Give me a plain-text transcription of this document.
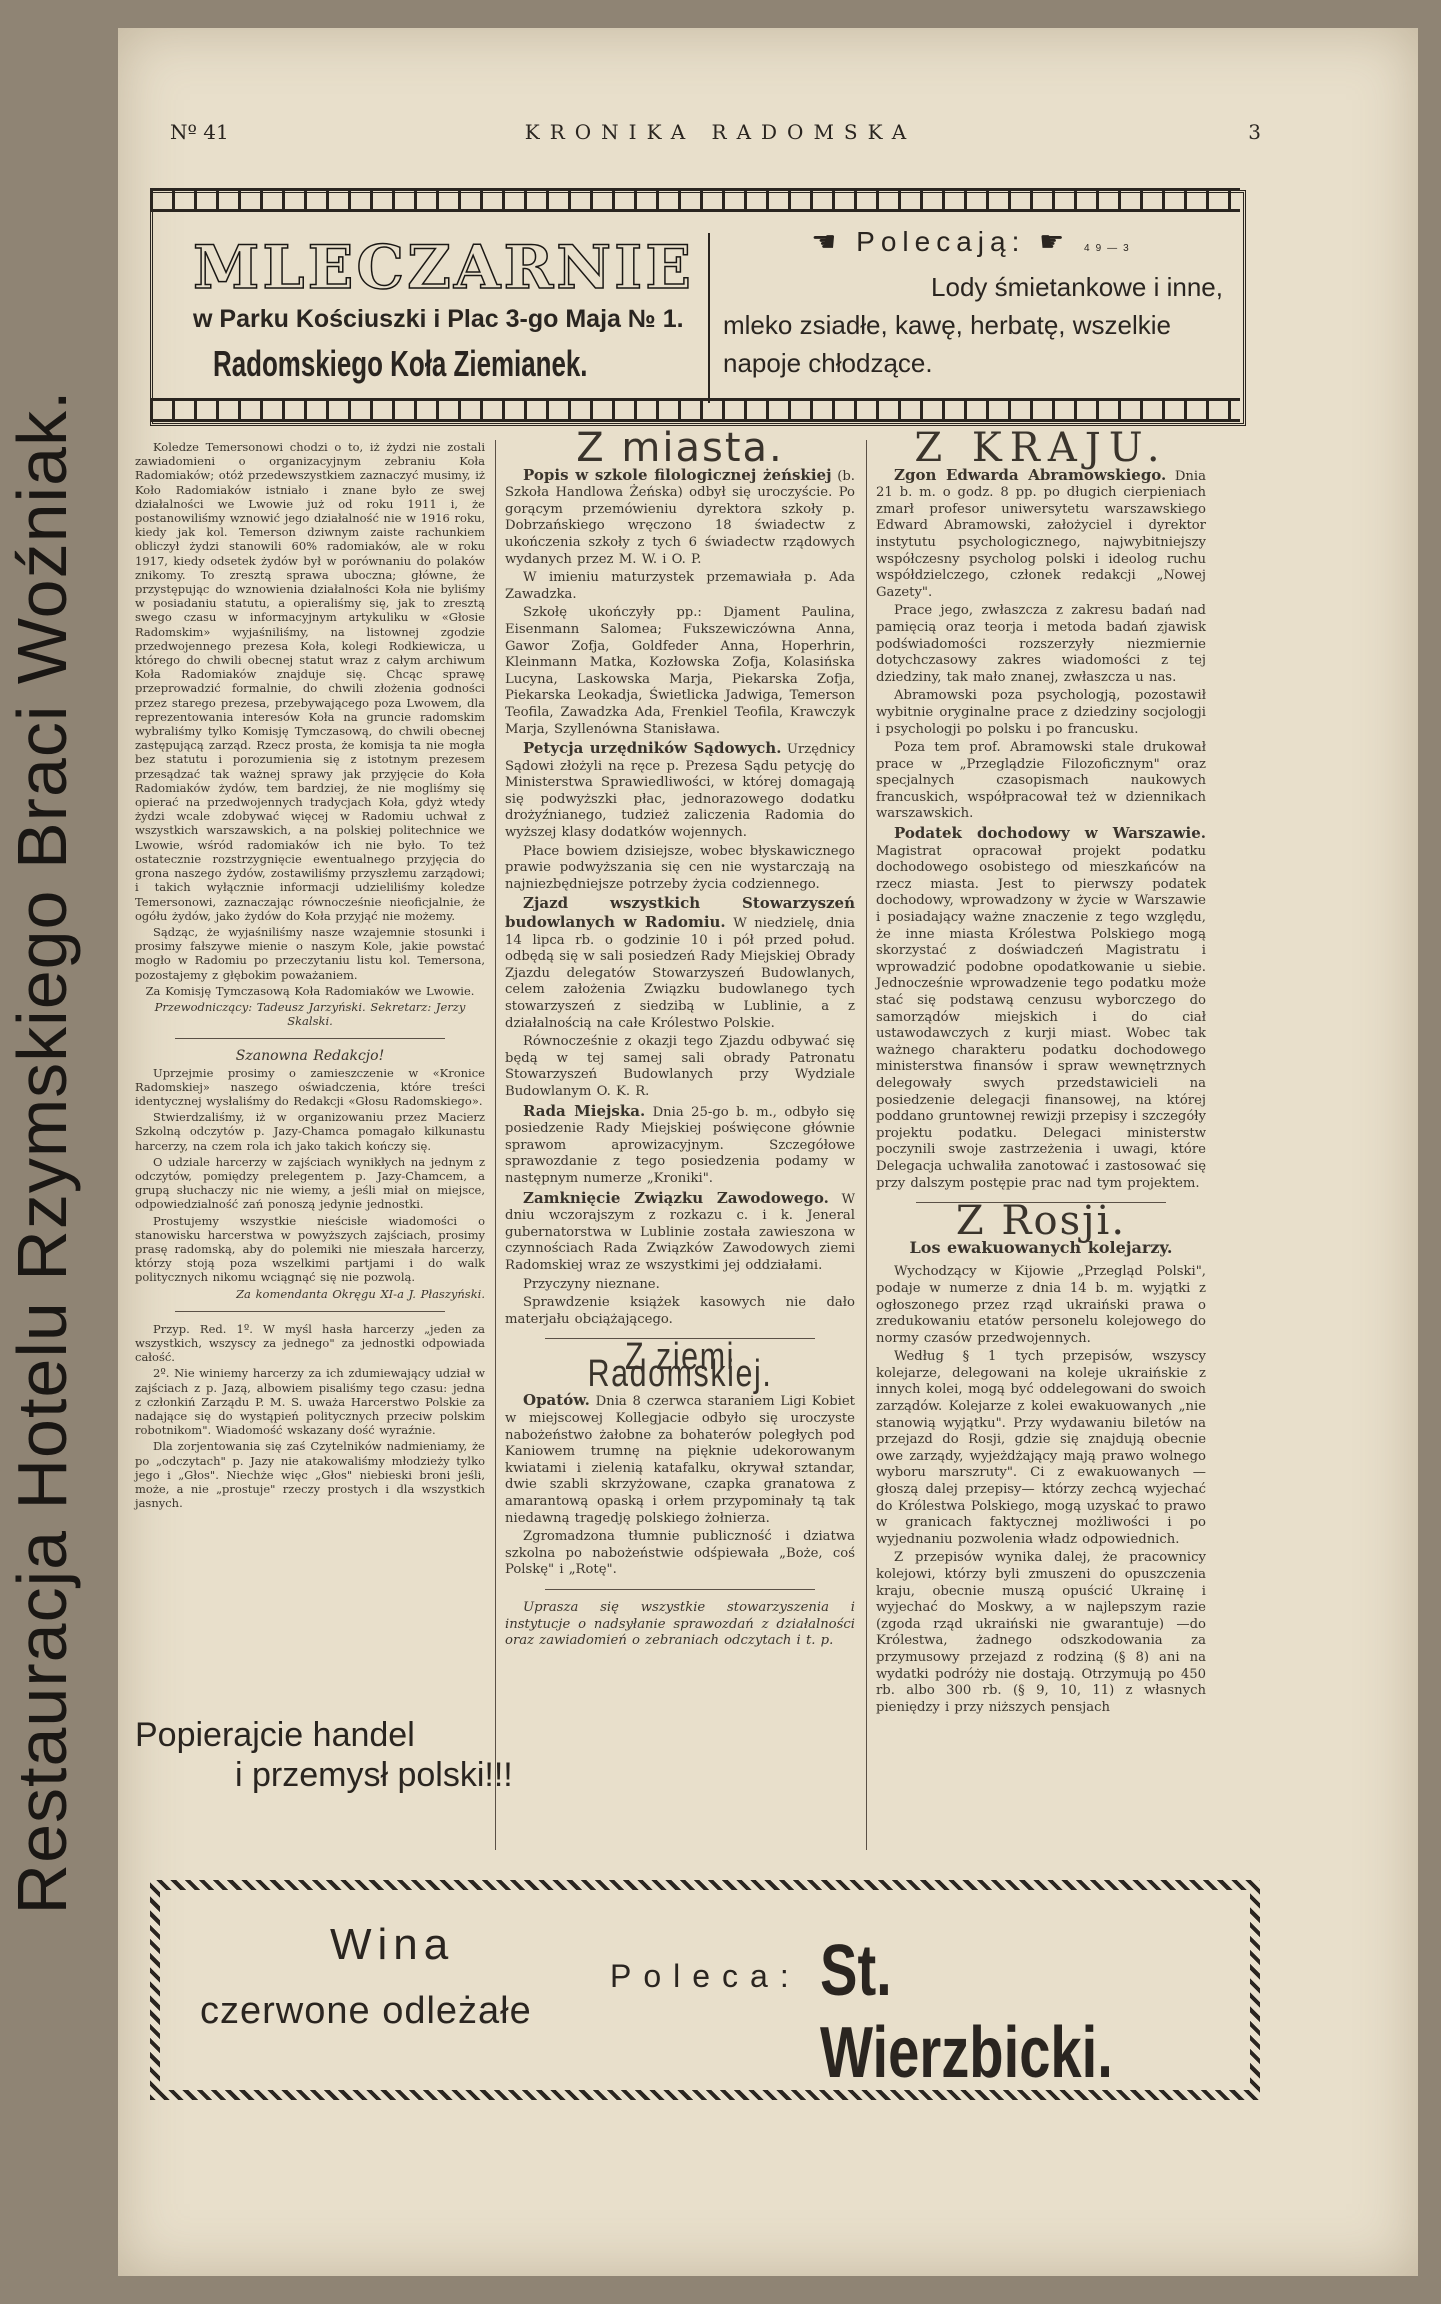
Restauracja Hotelu Rzymskiego Braci Woźniak.
Nº 41	KRONIKA RADOMSKA	3
MLECZARNIE
w Parku Kościuszki i Plac 3-go Maja № 1.
Radomskiego Koła Ziemianek.
☚ Polecają: ☛ 49—3
Lody śmietankowe i inne,
mleko zsiadłe, kawę, herbatę, wszelkie
napoje chłodzące.

Koledze Temersonowi chodzi o to, iż żydzi nie zostali zawiadomieni o organizacyjnym zebraniu Koła Radomiaków; otóż przedewszystkiem zaznaczyć musimy, iż Koło Radomiaków istniało i znane było ze swej działalności we Lwowie już od roku 1911 i, że postanowiliśmy wznowić jego działalność nie w 1916 roku, kiedy jak kol. Temerson dziwnym zaiste rachunkiem obliczył żydzi stanowili 60% radomiaków, ale w roku 1917, kiedy odsetek żydów był w porównaniu do polaków znikomy. To zresztą sprawa uboczna; główne, że przystępując do wznowienia działalności Koła nie byliśmy w posiadaniu statutu, a opieraliśmy się, jak to zresztą swego czasu w informacyjnym artykuliku w «Głosie Radomskim» wyjaśniliśmy, na listownej zgodzie przedwojennego prezesa Koła, kolegi Rodkiewicza, u którego do chwili obecnej statut wraz z całym archiwum Koła Radomiaków znajduje się. Chcąc sprawę przeprowadzić formalnie, do chwili złożenia godności przez starego prezesa, przebywającego poza Lwowem, dla reprezentowania interesów Koła na gruncie radomskim wybraliśmy tylko Komisję Tymczasową, do chwili obecnej zastępującą zarząd. Rzecz prosta, że komisja ta nie mogła bez statutu i porozumienia się z istotnym prezesem przesądzać tak ważnej sprawy jak przyjęcie do Koła Radomiaków żydów, tem bardziej, że nie mogliśmy się opierać na przedwojennych tradycjach Koła, gdyż wtedy żydzi wcale zdobywać więcej w Radomiu uchwał z wszystkich warszawskich, a na polskiej politechnice we Lwowie, wśród radomiaków ich nie było. To też ostatecznie rozstrzygnięcie ewentualnego przyjęcia do grona naszego żydów, zostawiliśmy przyszłemu zarządowi; i takich wyłącznie informacji udzieliliśmy koledze Temersonowi, zaznaczając równocześnie nieoficjalnie, że ogółu żydów, jako żydów do Koła przyjąć nie możemy.

Sądząc, że wyjaśniliśmy nasze wzajemnie stosunki i prosimy fałszywe mienie o naszym Kole, jakie powstać mogło w Radomiu po przeczytaniu listu kol. Temersona, pozostajemy z głębokim poważaniem.

Za Komisję Tymczasową Koła Radomiaków we Lwowie.

Przewodniczący: Tadeusz Jarzyński. Sekretarz: Jerzy Skalski.

Szanowna Redakcjo!

Uprzejmie prosimy o zamieszczenie w «Kronice Radomskiej» naszego oświadczenia, które treści identycznej wysłaliśmy do Redakcji «Głosu Radomskiego».

Stwierdzaliśmy, iż w organizowaniu przez Macierz Szkolną odczytów p. Jazy-Chamca pomagało kilkunastu harcerzy, na czem rola ich jako takich kończy się.

O udziale harcerzy w zajściach wynikłych na jednym z odczytów, pomiędzy prelegentem p. Jazy-Chamcem, a grupą słuchaczy nic nie wiemy, a jeśli miał on miejsce, odpowiedzialność zań ponoszą jedynie jednostki.

Prostujemy wszystkie nieścisłe wiadomości o stanowisku harcerstwa w powyższych zajściach, prosimy prasę radomską, aby do polemiki nie mieszała harcerzy, którzy stoją poza wszelkimi partjami i do walk politycznych nikomu wciągnąć się nie pozwolą.

Za komendanta Okręgu XI-a J. Płaszyński.

Przyp. Red. 1º. W myśl hasła harcerzy „jeden za wszystkich, wszyscy za jednego" za jednostki odpowiada całość.

2º. Nie winiemy harcerzy za ich zdumiewający udział w zajściach z p. Jazą, albowiem pisaliśmy tego czasu: jedna z członkiń Zarządu P. M. S. uważa Harcerstwo Polskie za nadające się do wystąpień politycznych przeciw polskim robotnikom". Wiadomość wskazany dość wyraźnie.

Dla zorjentowania się zaś Czytelników nadmieniamy, że po „odczytach" p. Jazy nie atakowaliśmy młodzieży tylko jego i „Głos". Niechże więc „Głos" niebieski broni jeśli, może, a nie „prostuje" rzeczy prostych i dla wszystkich jasnych.

Popierajcie handel
i przemysł polski!!!
Z miasta.

Popis w szkole filologicznej żeńskiej (b. Szkoła Handlowa Żeńska) odbył się uroczyście. Po gorącym przemówieniu dyrektora szkoły p. Dobrzańskiego wręczono 18 świadectw z ukończenia szkoły z tych 6 świadectw rządowych wydanych przez M. W. i O. P.

W imieniu maturzystek przemawiała p. Ada Zawadzka.

Szkołę ukończyły pp.: Djament Paulina, Eisenmann Salomea; Fukszewiczówna Anna, Gawor Zofja, Goldfeder Anna, Hoperhrin, Kleinmann Matka, Kozłowska Zofja, Kolasińska Lucyna, Laskowska Marja, Piekarska Zofja, Piekarska Leokadja, Świetlicka Jadwiga, Temerson Teofila, Zawadzka Ada, Frenkiel Teofila, Krawczyk Marja, Szyllenówna Stanisława.

Petycja urzędników Sądowych. Urzędnicy Sądowi złożyli na ręce p. Prezesa Sądu petycję do Ministerstwa Sprawiedliwości, w której domagają się podwyższki płac, jednorazowego dodatku drożyźnianego, tudzież zaliczenia Radomia do wyższej klasy dodatków wojennych.

Płace bowiem dzisiejsze, wobec błyskawicznego prawie podwyższania się cen nie wystarczają na najniezbędniejsze potrzeby życia codziennego.

Zjazd wszystkich Stowarzyszeń budowlanych w Radomiu. W niedzielę, dnia 14 lipca rb. o godzinie 10 i pół przed połud. odbędą się w sali posiedzeń Rady Miejskiej Obrady Zjazdu delegatów Stowarzyszeń Budowlanych, celem założenia Związku budowlanego tych stowarzyszeń z siedzibą w Lublinie, a z działalnością na całe Królestwo Polskie.

Równocześnie z okazji tego Zjazdu odbywać się będą w tej samej sali obrady Patronatu Stowarzyszeń Budowlanych przy Wydziale Budowlanym O. K. R.

Rada Miejska. Dnia 25-go b. m., odbyło się posiedzenie Rady Miejskiej poświęcone głównie sprawom aprowizacyjnym. Szczegółowe sprawozdanie z tego posiedzenia podamy w następnym numerze „Kroniki".

Zamknięcie Związku Zawodowego. W dniu wczorajszym z rozkazu c. i k. Jeneral gubernatorstwa w Lublinie została zawieszona w czynnościach Rada Związków Zawodowych ziemi Radomskiej wraz ze wszystkimi jej oddziałami.

Przyczyny nieznane.

Sprawdzenie książek kasowych nie dało materjału obciążającego.

Z ziemi Radomskiej.

Opatów. Dnia 8 czerwca staraniem Ligi Kobiet w miejscowej Kollegjacie odbyło się uroczyste nabożeństwo żałobne za bohaterów poległych pod Kaniowem trumnę na pięknie udekorowanym kwiatami i zielenią katafalku, okrywał sztandar, dwie szabli skrzyżowane, czapka granatowa z amarantową opaską i orłem przypominały tą tak niedawną tragedję polskiego żołnierza.

Zgromadzona tłumnie publiczność i dziatwa szkolna po nabożeństwie odśpiewała „Boże, coś Polskę" i „Rotę".

Uprasza się wszystkie stowarzyszenia i instytucje o nadsyłanie sprawozdań z działalności oraz zawiadomień o zebraniach odczytach i t. p.

Z KRAJU.

Zgon Edwarda Abramowskiego. Dnia 21 b. m. o godz. 8 pp. po długich cierpieniach zmarł profesor uniwersytetu warszawskiego Edward Abramowski, założyciel i dyrektor instytutu psychologicznego, najwybitniejszy współczesny psycholog polski i ideolog ruchu współdzielczego, członek redakcji „Nowej Gazety".

Prace jego, zwłaszcza z zakresu badań nad pamięcią oraz teorja i metoda badań zjawisk podświadomości rozszerzyły niezmiernie dotychczasowy zakres wiadomości z tej dziedziny, tak mało znanej, zwłaszcza u nas.

Abramowski poza psychologją, pozostawił wybitnie oryginalne prace z dziedziny socjologji i psychologji po polsku i po francusku.

Poza tem prof. Abramowski stale drukował prace w „Przeglądzie Filozoficznym" oraz specjalnych czasopismach naukowych francuskich, współpracował też w dziennikach warszawskich.

Podatek dochodowy w Warszawie. Magistrat opracował projekt podatku dochodowego osobistego od mieszkańców na rzecz miasta. Jest to pierwszy podatek dochodowy, wprowadzony w życie w Warszawie i posiadający ważne znaczenie z tego względu, że inne miasta Królestwa Polskiego mogą skorzystać z doświadczeń Magistratu i wprowadzić podobne opodatkowanie u siebie. Jednocześnie wprowadzenie tego podatku może stać się podstawą cenzusu wyborczego do samorządów miejskich i do ciał ustawodawczych z kurji miast. Wobec tak ważnego charakteru podatku dochodowego ministerstwa finansów i spraw wewnętrznych delegowały swych przedstawicieli na posiedzenie delegacji finansowej, na której poddano gruntownej rewizji przepisy i szczegóły projektu podatku. Delegaci ministerstw poczynili swoje zastrzeżenia i uwagi, które Delegacja uchwaliła zanotować i zastosować się przy dalszym postępie prac nad tym projektem.

Z Rosji.
Los ewakuowanych kolejarzy.

Wychodzący w Kijowie „Przegląd Polski", podaje w numerze z dnia 14 b. m. wyjątki z ogłoszonego przez rząd ukraiński prawa o zredukowaniu etatów personelu kolejowego do normy czasów przedwojennych.

Według § 1 tych przepisów, wszyscy kolejarze, delegowani na koleje ukraińskie z innych kolei, mogą być oddelegowani do swoich zarządów. Kolejarze z kolei ewakuowanych „nie stanowią wyjątku". Przy wydawaniu biletów na przejazd do Rosji, gdzie się znajdują obecnie owe zarządy, wyjeżdżający mają prawo wolnego wyboru marszruty". Ci z ewakuowanych —głoszą dalej przepisy— którzy zechcą wyjechać do Królestwa Polskiego, mogą uzyskać to prawo w granicach faktycznej możliwości i po wyjednaniu pozwolenia władz odpowiednich.

Z przepisów wynika dalej, że pracownicy kolejowi, którzy byli zmuszeni do opuszczenia kraju, obecnie muszą opuścić Ukrainę i wyjechać do Moskwy, a w najlepszym razie (zgoda rząd ukraiński nie gwarantuje) —do Królestwa, żadnego odszkodowania za przymusowy przejazd z rodziną (§ 8) ani na wydatki podróży nie dostają. Otrzymują po 450 rb. albo 300 rb. (§ 9, 10, 11) z własnych pieniędzy i przy niższych pensjach

Wina
czerwone odleżałe
Poleca: St. Wierzbicki.
